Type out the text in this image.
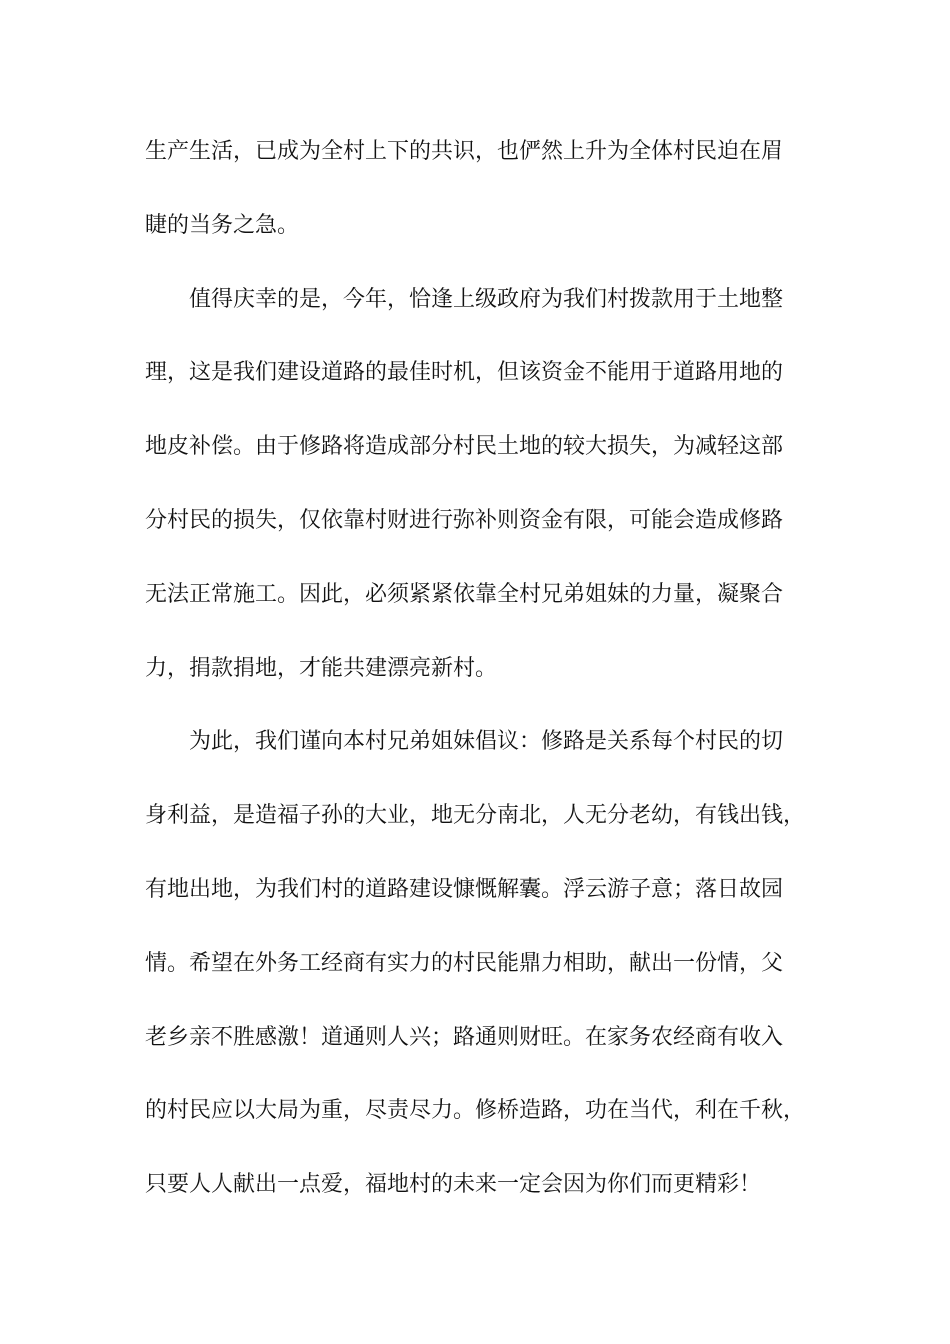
生产生活，已成为全村上下的共识，也俨然上升为全体村民迫在眉
睫的当务之急。
值得庆幸的是，今年，恰逢上级政府为我们村拨款用于土地整
理，这是我们建设道路的最佳时机，但该资金不能用于道路用地的
地皮补偿。由于修路将造成部分村民土地的较大损失，为减轻这部
分村民的损失，仅依靠村财进行弥补则资金有限，可能会造成修路
无法正常施工。因此，必须紧紧依靠全村兄弟姐妹的力量，凝聚合
力，捐款捐地，才能共建漂亮新村。
为此，我们谨向本村兄弟姐妹倡议：修路是关系每个村民的切
身利益，是造福子孙的大业，地无分南北，人无分老幼，有钱出钱，
有地出地，为我们村的道路建设慷慨解囊。浮云游子意；落日故园
情。希望在外务工经商有实力的村民能鼎力相助，献出一份情，父
老乡亲不胜感激！道通则人兴；路通则财旺。在家务农经商有收入
的村民应以大局为重，尽责尽力。修桥造路，功在当代，利在千秋，
只要人人献出一点爱，福地村的未来一定会因为你们而更精彩！
